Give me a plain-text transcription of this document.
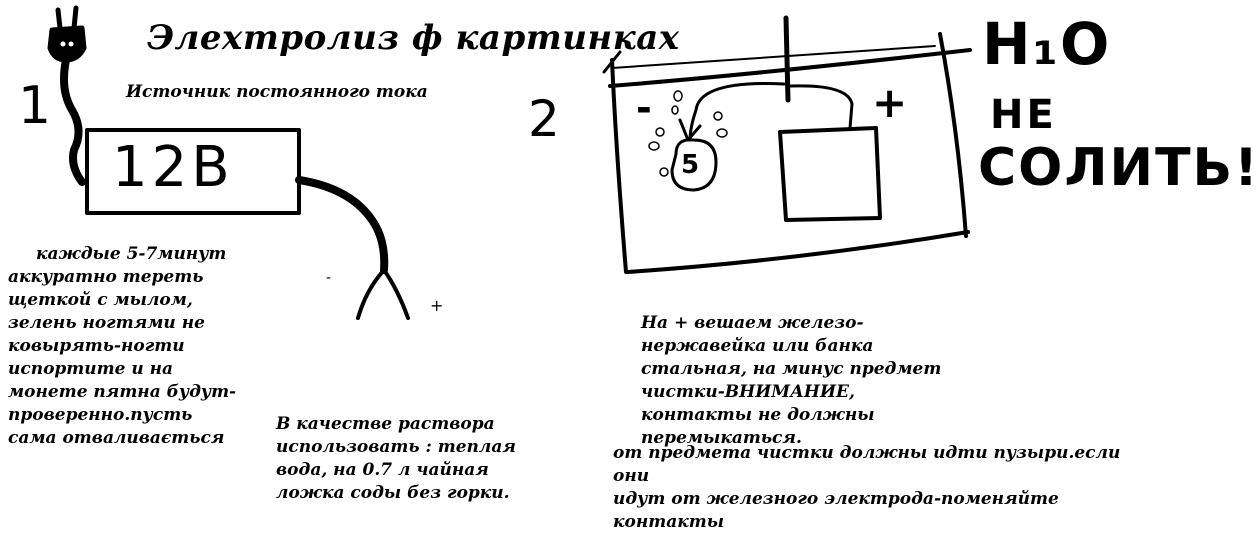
Элехтролиз ф картинках

Источник постоянного тока

1

12В

-

+

2 -	+

5

Н₁О

НЕ

СОЛИТЬ!

каждые 5-7минут

аккуратно тереть
щеткой с мылом,
зелень ногтями не
ковырять-ногти
испортите и на
монете пятна будут-
проверенно.пусть
сама отваливається

В качестве раствора
использовать : теплая
вода, на 0.7 л чайная
ложка соды без горки.

На + вешаем железо-
нержавейка или банка
стальная, на минус предмет
чистки-ВНИМАНИЕ,
контакты не должны
перемыкаться.

от предмета чистки должны идти пузыри.если они
идут от железного электрода-поменяйте
контакты
